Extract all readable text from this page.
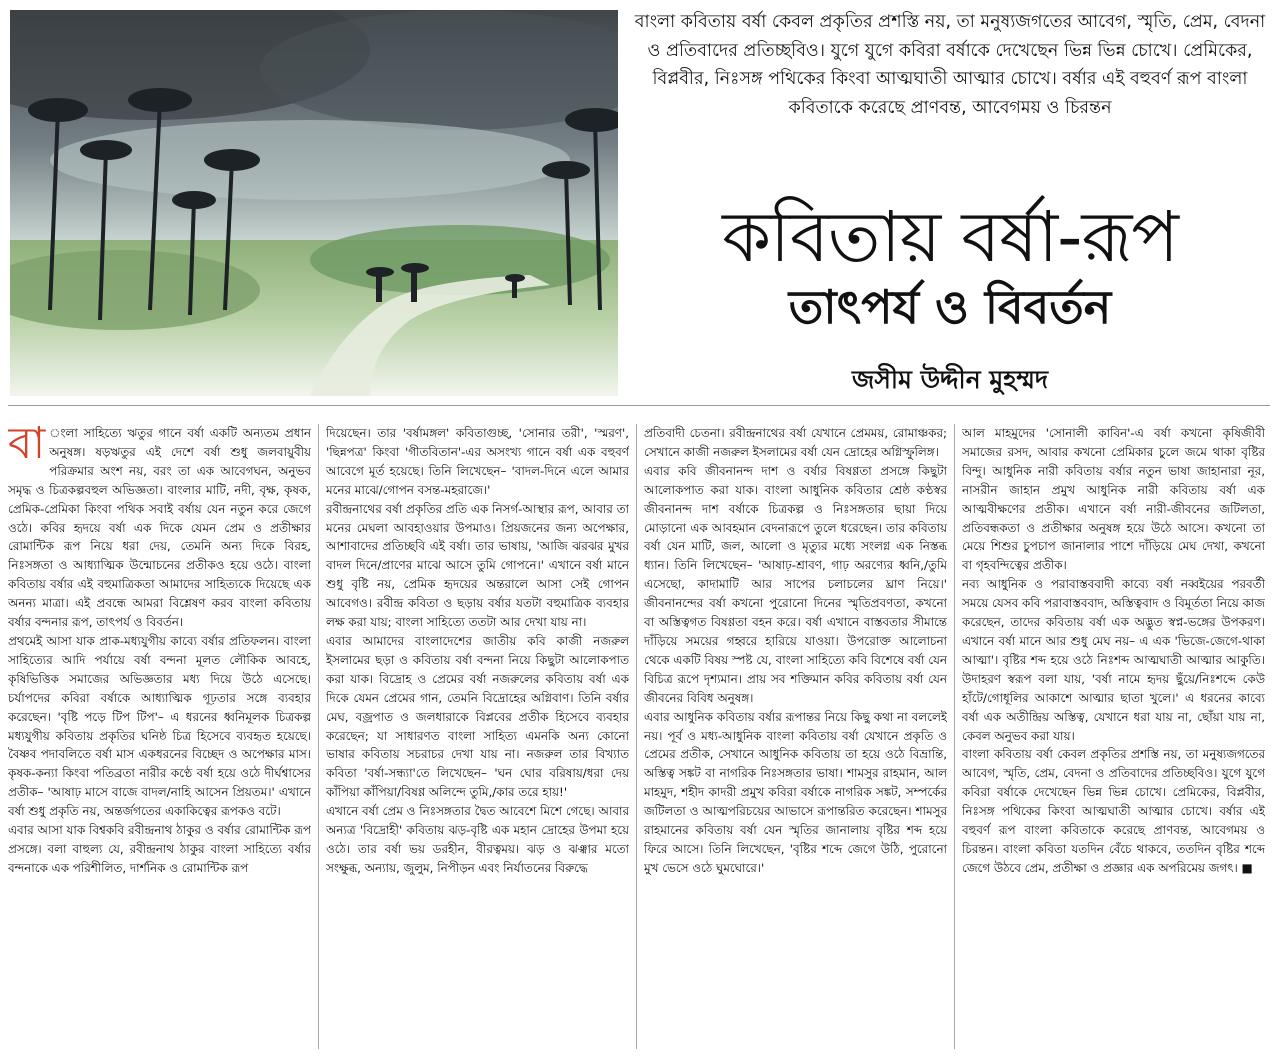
বাংলা কবিতায় বর্ষা কেবল প্রকৃতির প্রশস্তি নয়, তা মনুষ্যজগতের আবেগ, স্মৃতি, প্রেম, বেদনা ও প্রতিবাদের প্রতিচ্ছবিও। যুগে যুগে কবিরা বর্ষাকে দেখেছেন ভিন্ন ভিন্ন চোখে। প্রেমিকের, বিপ্লবীর, নিঃসঙ্গ পথিকের কিংবা আত্মঘাতী আত্মার চোখে। বর্ষার এই বহুবর্ণ রূপ বাংলা কবিতাকে করেছে প্রাণবন্ত, আবেগময় ও চিরন্তন
কবিতায় বর্ষা-রূপ
তাৎপর্য ও বিবর্তন
জসীম উদ্দীন মুহম্মদ

বা ংলা সাহিত্যে ঋতুর গানে বর্ষা একটি অন্যতম প্রধান অনুষঙ্গ। ষড়ঋতুর এই দেশে বর্ষা শুধু জলবায়ুবীয় পরিক্রমার অংশ নয়, বরং তা এক আবেগঘন, অনুভব সমৃদ্ধ ও চিত্রকল্পবহুল অভিজ্ঞতা। বাংলার মাটি, নদী, বৃক্ষ, কৃষক, প্রেমিক-প্রেমিকা কিংবা পথিক সবাই বর্ষায় যেন নতুন করে জেগে ওঠে। কবির হৃদয়ে বর্ষা এক দিকে যেমন প্রেম ও প্রতীক্ষার রোমান্টিক রূপ নিয়ে ধরা দেয়, তেমনি অন্য দিকে বিরহ, নিঃসঙ্গতা ও আধ্যাত্মিক উন্মোচনের প্রতীকও হয়ে ওঠে। বাংলা কবিতায় বর্ষার এই বহুমাত্রিকতা আমাদের সাহিত্যকে দিয়েছে এক অনন্য মাত্রা। এই প্রবন্ধে আমরা বিশ্লেষণ করব বাংলা কবিতায় বর্ষার বন্দনার রূপ, তাৎপর্য ও বিবর্তন।

প্রথমেই আসা যাক প্রাক-মধ্যযুগীয় কাব্যে বর্ষার প্রতিফলন। বাংলা সাহিত্যের আদি পর্যায়ে বর্ষা বন্দনা মূলত লৌকিক আবহে, কৃষিভিত্তিক সমাজের অভিজ্ঞতার মধ্য দিয়ে উঠে এসেছে। চর্যাপদের কবিরা বর্ষাকে আধ্যাত্মিক গূঢ়তার সঙ্গে ব্যবহার করেছেন। 'বৃষ্টি পড়ে টিপ টিপ'– এ ধরনের ধ্বনিমূলক চিত্রকল্প মধ্যযুগীয় কবিতায় প্রকৃতির ঘনিষ্ঠ চিত্র হিসেবে ব্যবহৃত হয়েছে। বৈষ্ণব পদাবলিতে বর্ষা মাস একধরনের বিচ্ছেদ ও অপেক্ষার মাস। কৃষক-কন্যা কিংবা পতিব্রতা নারীর কণ্ঠে বর্ষা হয়ে ওঠে দীর্ঘশ্বাসের প্রতীক– 'আষাঢ় মাসে বাজে বাদল/নাহি আসেন প্রিয়তম।' এখানে বর্ষা শুধু প্রকৃতি নয়, অন্তর্জগতের একাকিত্বের রূপকও বটে।

এবার আসা যাক বিশ্বকবি রবীন্দ্রনাথ ঠাকুর ও বর্ষার রোমান্টিক রূপ প্রসঙ্গে। বলা বাহুল্য যে, রবীন্দ্রনাথ ঠাকুর বাংলা সাহিত্যে বর্ষার বন্দনাকে এক পরিশীলিত, দার্শনিক ও রোমান্টিক রূপ

দিয়েছেন। তার 'বর্ষামঙ্গল' কবিতাগুচ্ছ, 'সোনার তরী', 'স্মরণ', 'ছিন্নপত্র' কিংবা 'গীতবিতান'-এর অসংখ্য গানে বর্ষা এক বহুবর্ণ আবেগে মূর্ত হয়েছে। তিনি লিখেছেন– 'বাদল-দিনে এলে আমার মনের মাঝে/গোপন বসন্ত-মহরাজে।'

রবীন্দ্রনাথের বর্ষা প্রকৃতির প্রতি এক নিসর্গ-আস্থার রূপ, আবার তা মনের মেঘলা আবহাওয়ার উপমাও। প্রিয়জনের জন্য অপেক্ষার, আশাবাদের প্রতিচ্ছবি এই বর্ষা। তার ভাষায়, 'আজি ঝরঝর মুখর বাদল দিনে/প্রাণের মাঝে আসে তুমি গোপনে।' এখানে বর্ষা মানে শুধু বৃষ্টি নয়, প্রেমিক হৃদয়ের অন্তরালে আসা সেই গোপন আবেগও। রবীন্দ্র কবিতা ও ছড়ায় বর্ষার যতটা বহুমাত্রিক ব্যবহার লক্ষ করা যায়; বাংলা সাহিত্যে ততটা আর দেখা যায় না।

এবার আমাদের বাংলাদেশের জাতীয় কবি কাজী নজরুল ইসলামের ছড়া ও কবিতায় বর্ষা বন্দনা নিয়ে কিছুটা আলোকপাত করা যাক। বিদ্রোহ ও প্রেমের বর্ষা নজরুলের কবিতায় বর্ষা এক দিকে যেমন প্রেমের গান, তেমনি বিদ্রোহের অগ্নিবাণ। তিনি বর্ষার মেঘ, বজ্রপাত ও জলধারাকে বিপ্লবের প্রতীক হিসেবে ব্যবহার করেছেন; যা সাধারণত বাংলা সাহিত্য এমনকি অন্য কোনো ভাষার কবিতায় সচরাচর দেখা যায় না। নজরুল তার বিখ্যাত কবিতা 'বর্ষা-সন্ধ্যা'তে লিখেছেন– 'ঘন ঘোর বরিষায়/ধরা দেয় কাঁপিয়া কাঁপিয়া/বিষণ্ণ অলিন্দে তুমি,/কার তরে হায়!'

এখানে বর্ষা প্রেম ও নিঃসঙ্গতার দ্বৈত আবেশে মিশে গেছে। আবার অন্যত্র 'বিদ্রোহী' কবিতায় ঝড়-বৃষ্টি এক মহান দ্রোহের উপমা হয়ে ওঠে। তার বর্ষা ভয় ডরহীন, বীরত্বময়। ঝড় ও ঝঞ্ঝার মতো সংক্ষুব্ধ, অন্যায়, জুলুম, নিপীড়ন এবং নির্যাতনের বিরুদ্ধে

প্রতিবাদী চেতনা। রবীন্দ্রনাথের বর্ষা যেখানে প্রেমময়, রোমাঞ্চকর; সেখানে কাজী নজরুল ইসলামের বর্ষা যেন দ্রোহের অগ্নিস্ফুলিঙ্গ।

এবার কবি জীবনানন্দ দাশ ও বর্ষার বিষণ্ণতা প্রসঙ্গে কিছুটা আলোকপাত করা যাক। বাংলা আধুনিক কবিতার শ্রেষ্ঠ কণ্ঠস্বর জীবনানন্দ দাশ বর্ষাকে চিত্রকল্প ও নিঃসঙ্গতার ছায়া দিয়ে মোড়ানো এক আবহমান বেদনারূপে তুলে ধরেছেন। তার কবিতায় বর্ষা যেন মাটি, জল, আলো ও মৃত্যুর মধ্যে সংলগ্ন এক নিস্তব্ধ ধ্যান। তিনি লিখেছেন– 'আষাঢ়-শ্রাবণ, গাঢ় অরণ্যের ধ্বনি,/তুমি এসেছো, কাদামাটি আর সাপের চলাচলের ঘ্রাণ নিয়ে।' জীবনানন্দের বর্ষা কখনো পুরোনো দিনের স্মৃতিপ্রবণতা, কখনো বা অস্তিত্বগত বিষণ্ণতা বহন করে। বর্ষা এখানে বাস্তবতার সীমান্তে দাঁড়িয়ে সময়ের গহ্বরে হারিয়ে যাওয়া। উপরোক্ত আলোচনা থেকে একটি বিষয় স্পষ্ট যে, বাংলা সাহিত্যে কবি বিশেষে বর্ষা যেন বিচিত্র রূপে দৃশ্যমান। প্রায় সব শক্তিমান কবির কবিতায় বর্ষা যেন জীবনের বিবিধ অনুষঙ্গ।

এবার আধুনিক কবিতায় বর্ষার রূপান্তর নিয়ে কিছু কথা না বললেই নয়। পূর্ব ও মধ্য-আধুনিক বাংলা কবিতায় বর্ষা যেখানে প্রকৃতি ও প্রেমের প্রতীক, সেখানে আধুনিক কবিতায় তা হয়ে ওঠে বিভ্রান্তি, অস্তিত্ব সঙ্কট বা নাগরিক নিঃসঙ্গতার ভাষা। শামসুর রাহমান, আল মাহমুদ, শহীদ কাদরী প্রমুখ কবিরা বর্ষাকে নাগরিক সঙ্কট, সম্পর্কের জটিলতা ও আত্মপরিচয়ের আভাসে রূপান্তরিত করেছেন। শামসুর রাহমানের কবিতায় বর্ষা যেন স্মৃতির জানালায় বৃষ্টির শব্দ হয়ে ফিরে আসে। তিনি লিখেছেন, 'বৃষ্টির শব্দে জেগে উঠি, পুরোনো মুখ ভেসে ওঠে ঘুমঘোরে।'

আল মাহমুদের 'সোনালী কাবিন'-এ বর্ষা কখনো কৃষিজীবী সমাজের রসদ, আবার কখনো প্রেমিকার চুলে জমে থাকা বৃষ্টির বিন্দু। আধুনিক নারী কবিতায় বর্ষার নতুন ভাষা জাহানারা নূর, নাসরীন জাহান প্রমুখ আধুনিক নারী কবিতায় বর্ষা এক আত্মবীক্ষণের প্রতীক। এখানে বর্ষা নারী-জীবনের জটিলতা, প্রতিবন্ধকতা ও প্রতীক্ষার অনুষঙ্গ হয়ে উঠে আসে। কখনো তা মেয়ে শিশুর চুপচাপ জানালার পাশে দাঁড়িয়ে মেঘ দেখা, কখনো বা গৃহবন্দিত্বের প্রতীক।

নব্য আধুনিক ও পরাবাস্তববাদী কাব্যে বর্ষা নব্বইয়ের পরবর্তী সময়ে যেসব কবি পরাবাস্তববাদ, অস্তিত্ববাদ ও বিমূর্ততা নিয়ে কাজ করেছেন, তাদের কবিতায় বর্ষা এক অদ্ভুত স্বপ্ন-ভঙ্গের উপকরণ। এখানে বর্ষা মানে আর শুধু মেঘ নয়– এ এক 'ভিজে-জেগে-থাকা আত্মা'। বৃষ্টির শব্দ হয়ে ওঠে নিঃশব্দ আত্মঘাতী আত্মার আকুতি। উদাহরণ স্বরূপ বলা যায়, 'বর্ষা নামে হৃদয় ছুঁয়ে/নিঃশব্দে কেউ হাঁটে/গোধূলির আকাশে আত্মার ছাতা খুলে।' এ ধরনের কাব্যে বর্ষা এক অতীন্দ্রিয় অস্তিত্ব, যেখানে ধরা যায় না, ছোঁয়া যায় না, কেবল অনুভব করা যায়।

বাংলা কবিতায় বর্ষা কেবল প্রকৃতির প্রশস্তি নয়, তা মনুষ্যজগতের আবেগ, স্মৃতি, প্রেম, বেদনা ও প্রতিবাদের প্রতিচ্ছবিও। যুগে যুগে কবিরা বর্ষাকে দেখেছেন ভিন্ন ভিন্ন চোখে। প্রেমিকের, বিপ্লবীর, নিঃসঙ্গ পথিকের কিংবা আত্মঘাতী আত্মার চোখে। বর্ষার এই বহুবর্ণ রূপ বাংলা কবিতাকে করেছে প্রাণবন্ত, আবেগময় ও চিরন্তন। বাংলা কবিতা যতদিন বেঁচে থাকবে, ততদিন বৃষ্টির শব্দে জেগে উঠবে প্রেম, প্রতীক্ষা ও প্রজ্ঞার এক অপরিমেয় জগৎ। ■
